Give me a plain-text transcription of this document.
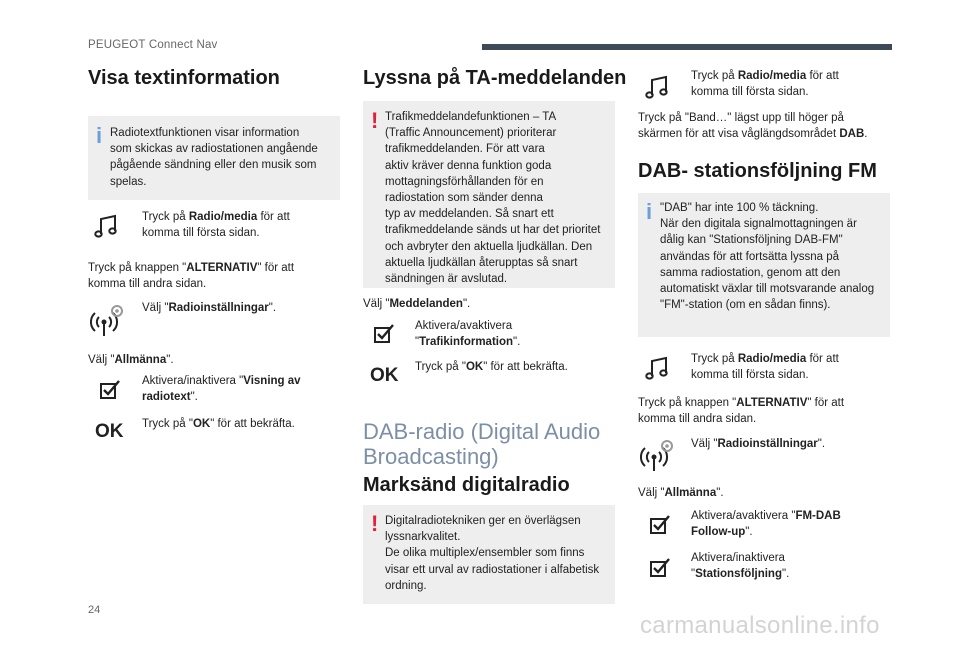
PEUGEOT Connect Nav
Visa textinformation
i Radiotextfunktionen visar information
som skickas av radiostationen angående
pågående sändning eller den musik som
spelas.
Tryck på Radio/media för att
komma till första sidan.
Tryck på knappen "ALTERNATIV" för att
komma till andra sidan.
Välj "Radioinställningar".
Välj "Allmänna".
Aktivera/inaktivera "Visning av
radiotext".
OK Tryck på "OK" för att bekräfta.
Lyssna på TA-meddelanden
! Trafikmeddelandefunktionen – TA
(Traffic Announcement) prioriterar
trafikmeddelanden. För att vara
aktiv kräver denna funktion goda
mottagningsförhållanden för en
radiostation som sänder denna
typ av meddelanden. Så snart ett
trafikmeddelande sänds ut har det prioritet
och avbryter den aktuella ljudkällan. Den
aktuella ljudkällan återupptas så snart
sändningen är avslutad.
Välj "Meddelanden".
Aktivera/avaktivera
"Trafikinformation".
OK Tryck på "OK" för att bekräfta.
DAB-radio (Digital Audio
Broadcasting)
Marksänd digitalradio
! Digitalradiotekniken ger en överlägsen
lyssnarkvalitet.
De olika multiplex/ensembler som finns
visar ett urval av radiostationer i alfabetisk
ordning.
Tryck på Radio/media för att
komma till första sidan.
Tryck på "Band…" lägst upp till höger på
skärmen för att visa våglängdsområdet DAB.
DAB- stationsföljning FM
i "DAB" har inte 100 % täckning.
När den digitala signalmottagningen är
dålig kan "Stationsföljning DAB-FM"
användas för att fortsätta lyssna på
samma radiostation, genom att den
automatiskt växlar till motsvarande analog
"FM"-station (om en sådan finns).
Tryck på Radio/media för att
komma till första sidan.
Tryck på knappen "ALTERNATIV" för att
komma till andra sidan.
Välj "Radioinställningar".
Välj "Allmänna".
Aktivera/avaktivera "FM-DAB
Follow-up".
Aktivera/inaktivera
"Stationsföljning".
24
carmanualsonline.info
